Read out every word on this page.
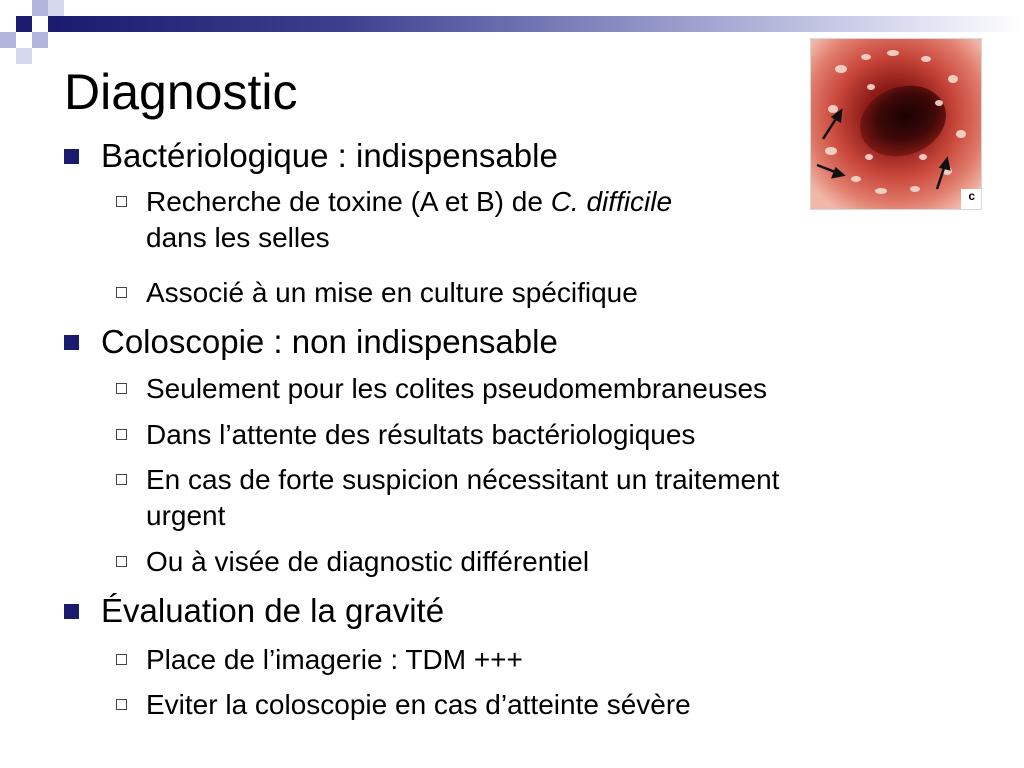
Diagnostic
Bactériologique : indispensable
Recherche de toxine (A et B) de C. difficile
dans les selles
Associé à un mise en culture spécifique
Coloscopie : non indispensable
Seulement pour les colites pseudomembraneuses
Dans l’attente des résultats bactériologiques
En cas de forte suspicion nécessitant un traitement
urgent
Ou à visée de diagnostic différentiel
Évaluation de la gravité
Place de l’imagerie : TDM +++
Eviter la coloscopie en cas d’atteinte sévère
c
